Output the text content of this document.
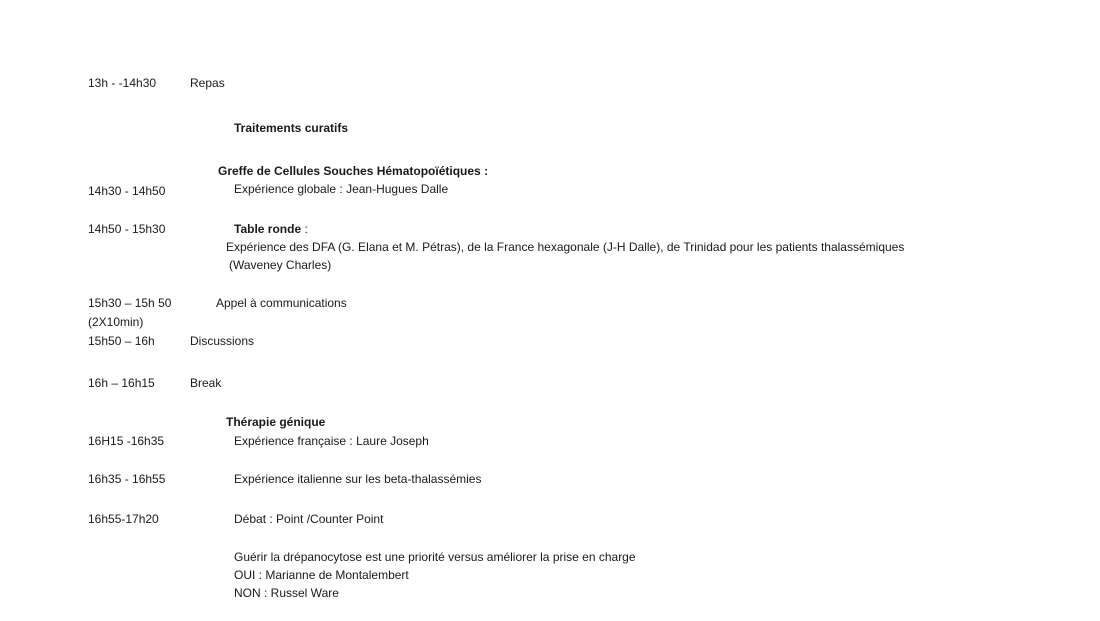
13h - -14h30	Repas
Traitements curatifs
Greffe de Cellules Souches Hématopoïétiques :
14h30 - 14h50	Expérience globale : Jean-Hugues Dalle
14h50 - 15h30	Table ronde :
Expérience des DFA (G. Elana et M. Pétras), de la France hexagonale (J-H Dalle), de Trinidad pour les patients thalassémiques
(Waveney Charles)
15h30 – 15h 50	Appel à communications
(2X10min)
15h50 – 16h	Discussions
16h – 16h15	Break
Thérapie génique
16H15 -16h35	Expérience française : Laure Joseph
16h35 - 16h55	Expérience italienne sur les beta-thalassémies
16h55-17h20	Débat : Point /Counter Point
Guérir la drépanocytose est une priorité versus améliorer la prise en charge
OUI : Marianne de Montalembert
NON : Russel Ware
